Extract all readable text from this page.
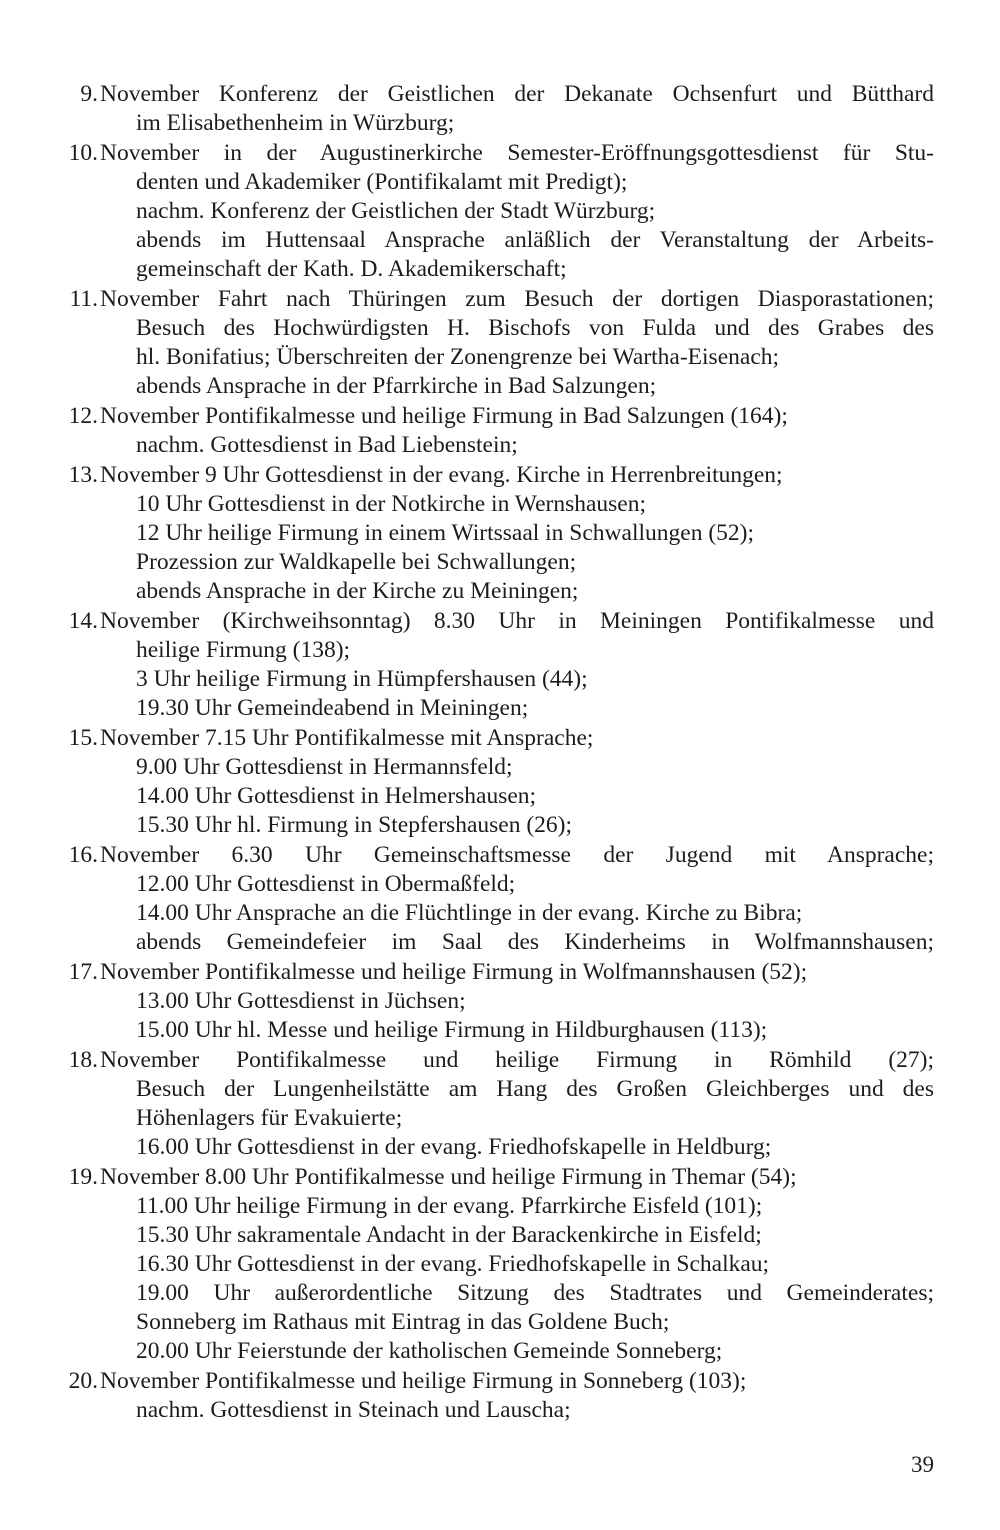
9. November Konferenz der Geistlichen der Dekanate Ochsenfurt und Bütthard
im Elisabethenheim in Würzburg;
10. November in der Augustinerkirche Semester-Eröffnungsgottesdienst für Stu-
denten und Akademiker (Pontifikalamt mit Predigt);
nachm. Konferenz der Geistlichen der Stadt Würzburg;
abends im Huttensaal Ansprache anläßlich der Veranstaltung der Arbeits-
gemeinschaft der Kath. D. Akademikerschaft;
11. November Fahrt nach Thüringen zum Besuch der dortigen Diasporastationen;
Besuch des Hochwürdigsten H. Bischofs von Fulda und des Grabes des
hl. Bonifatius; Überschreiten der Zonengrenze bei Wartha-Eisenach;
abends Ansprache in der Pfarrkirche in Bad Salzungen;
12. November Pontifikalmesse und heilige Firmung in Bad Salzungen (164);
nachm. Gottesdienst in Bad Liebenstein;
13. November 9 Uhr Gottesdienst in der evang. Kirche in Herrenbreitungen;
10 Uhr Gottesdienst in der Notkirche in Wernshausen;
12 Uhr heilige Firmung in einem Wirtssaal in Schwallungen (52);
Prozession zur Waldkapelle bei Schwallungen;
abends Ansprache in der Kirche zu Meiningen;
14. November (Kirchweihsonntag) 8.30 Uhr in Meiningen Pontifikalmesse und
heilige Firmung (138);
3 Uhr heilige Firmung in Hümpfershausen (44);
19.30 Uhr Gemeindeabend in Meiningen;
15. November 7.15 Uhr Pontifikalmesse mit Ansprache;
9.00 Uhr Gottesdienst in Hermannsfeld;
14.00 Uhr Gottesdienst in Helmershausen;
15.30 Uhr hl. Firmung in Stepfershausen (26);
16. November 6.30 Uhr Gemeinschaftsmesse der Jugend mit Ansprache;
12.00 Uhr Gottesdienst in Obermaßfeld;
14.00 Uhr Ansprache an die Flüchtlinge in der evang. Kirche zu Bibra;
abends Gemeindefeier im Saal des Kinderheims in Wolfmannshausen;
17. November Pontifikalmesse und heilige Firmung in Wolfmannshausen (52);
13.00 Uhr Gottesdienst in Jüchsen;
15.00 Uhr hl. Messe und heilige Firmung in Hildburghausen (113);
18. November Pontifikalmesse und heilige Firmung in Römhild (27);
Besuch der Lungenheilstätte am Hang des Großen Gleichberges und des
Höhenlagers für Evakuierte;
16.00 Uhr Gottesdienst in der evang. Friedhofskapelle in Heldburg;
19. November 8.00 Uhr Pontifikalmesse und heilige Firmung in Themar (54);
11.00 Uhr heilige Firmung in der evang. Pfarrkirche Eisfeld (101);
15.30 Uhr sakramentale Andacht in der Barackenkirche in Eisfeld;
16.30 Uhr Gottesdienst in der evang. Friedhofskapelle in Schalkau;
19.00 Uhr außerordentliche Sitzung des Stadtrates und Gemeinderates;
Sonneberg im Rathaus mit Eintrag in das Goldene Buch;
20.00 Uhr Feierstunde der katholischen Gemeinde Sonneberg;
20. November Pontifikalmesse und heilige Firmung in Sonneberg (103);
nachm. Gottesdienst in Steinach und Lauscha;
39
